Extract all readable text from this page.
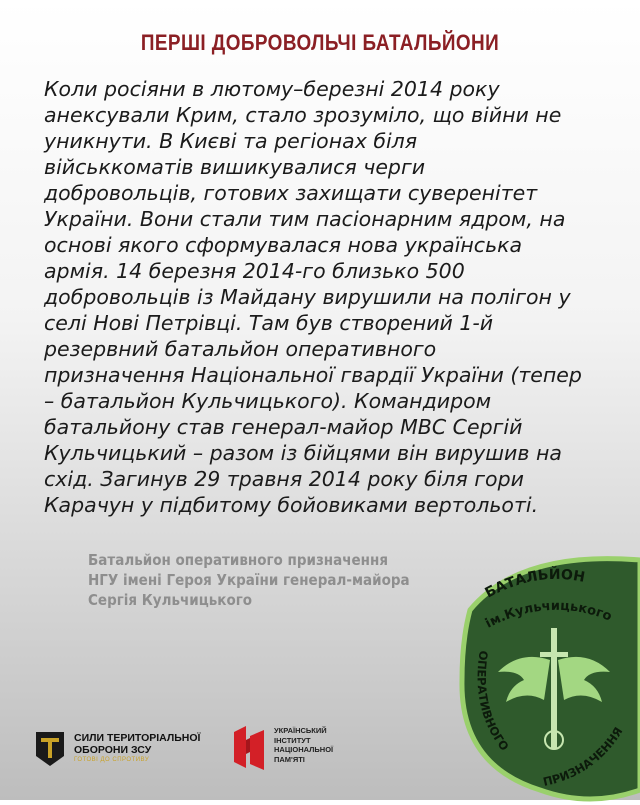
ПЕРШІ ДОБРОВОЛЬЧІ БАТАЛЬЙОНИ
Коли росіяни в лютому–березні 2014 року
анексували Крим, стало зрозуміло, що війни не
уникнути. В Києві та регіонах біля
військкоматів вишикувалися черги
добровольців, готових захищати суверенітет
України. Вони стали тим пасіонарним ядром, на
основі якого сформувалася нова українська
армія. 14 березня 2014-го близько 500
добровольців із Майдану вирушили на полігон у
селі Нові Петрівці. Там був створений 1-й
резервний батальйон оперативного
призначення Національної гвардії України (тепер
– батальйон Кульчицького). Командиром
батальйону став генерал-майор МВС Сергій
Кульчицький – разом із бійцями він вирушив на
схід. Загинув 29 травня 2014 року біля гори
Карачун у підбитому бойовиками вертольоті.
Батальйон оперативного призначення
НГУ імені Героя України генерал-майора
Сергія Кульчицького	БАТАЛЬЙОН
ім.Кульчицького
ОПЕРАТИВНОГО
ПРИЗНАЧЕННЯ
СИЛИ ТЕРИТОРІАЛЬНОЇ
ОБОРОНИ ЗСУ
ГОТОВІ ДО СПРОТИВУ
УКРАЇНСЬКИЙ
ІНСТИТУТ
НАЦІОНАЛЬНОЇ
ПАМ'ЯТІ
